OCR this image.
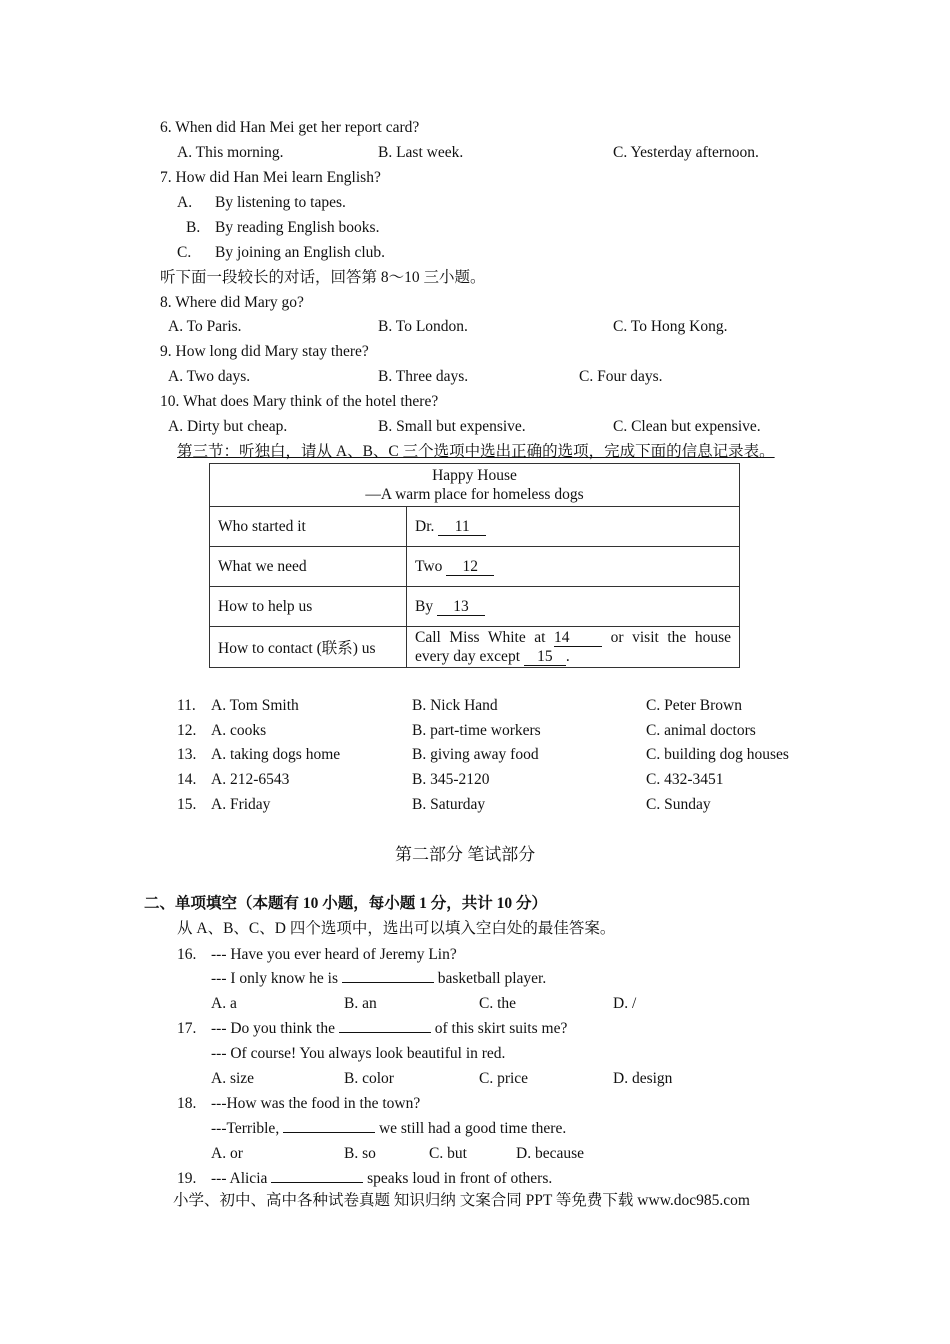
6. When did Han Mei get her report card?
A. This morning.	B. Last week.	C. Yesterday afternoon.
7. How did Han Mei learn English?
A. By listening to tapes.
B. By reading English books.
C. By joining an English club.
听下面一段较长的对话，回答第 8～10 三小题。
8. Where did Mary go?
A. To Paris.	B. To London.	C. To Hong Kong.
9. How long did Mary stay there?
A. Two days.	B. Three days.	C. Four days.
10. What does Mary think of the hotel there?
A. Dirty but cheap.	B. Small but expensive.	C. Clean but expensive.
第三节：听独白，请从 A、B、C 三个选项中选出正确的选项，完成下面的信息记录表。
Happy House
—A warm place for homeless dogs	

Who started it	Dr. 11
What we need	Two 12
How to help us	By 13
How to contact (联系) us	Call Miss White at 14 or visit the house
every day except 15 .
11. A. Tom Smith	B. Nick Hand	C. Peter Brown
12. A. cooks	B. part-time workers	C. animal doctors
13. A. taking dogs home	B. giving away food	C. building dog houses
14. A. 212-6543	B. 345-2120	C. 432-3451
15. A. Friday	B. Saturday	C. Sunday
第二部分 笔试部分
二、单项填空（本题有 10 小题，每小题 1 分，共计 10 分）
从 A、B、C、D 四个选项中，选出可以填入空白处的最佳答案。
16. --- Have you ever heard of Jeremy Lin?
--- I only know he is	basketball player.
A. a	B. an	C. the	D. /
17. --- Do you think the	of this skirt suits me?
--- Of course! You always look beautiful in red.
A. size	B. color	C. price	D. design
18. ---How was the food in the town?
---Terrible,	we still had a good time there.
A. or	B. so	C. but	D. because
19. --- Alicia	speaks loud in front of others.
小学、初中、高中各种试卷真题 知识归纳 文案合同 PPT 等免费下载 www.doc985.com
